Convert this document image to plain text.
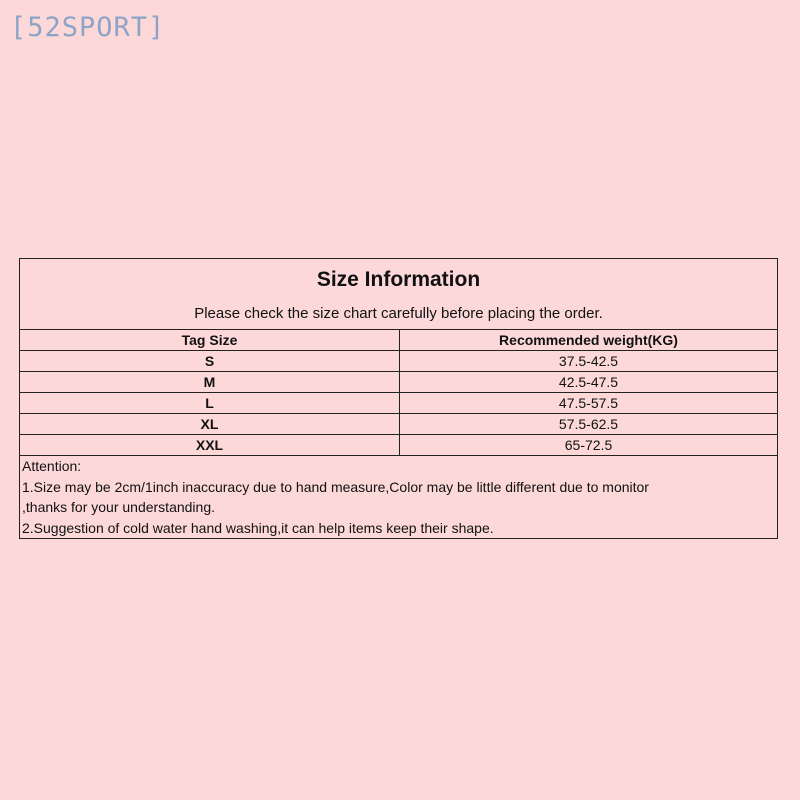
[52SPORT]
Size Information
Please check the size chart carefully before placing the order.
Tag Size	Recommended weight(KG)
S	37.5-42.5
M	42.5-47.5
L	47.5-57.5
XL	57.5-62.5
XXL	65-72.5
Attention:
1.Size may be 2cm/1inch inaccuracy due to hand measure,Color may be little different due to monitor
,thanks for your understanding.
2.Suggestion of cold water hand washing,it can help items keep their shape.
